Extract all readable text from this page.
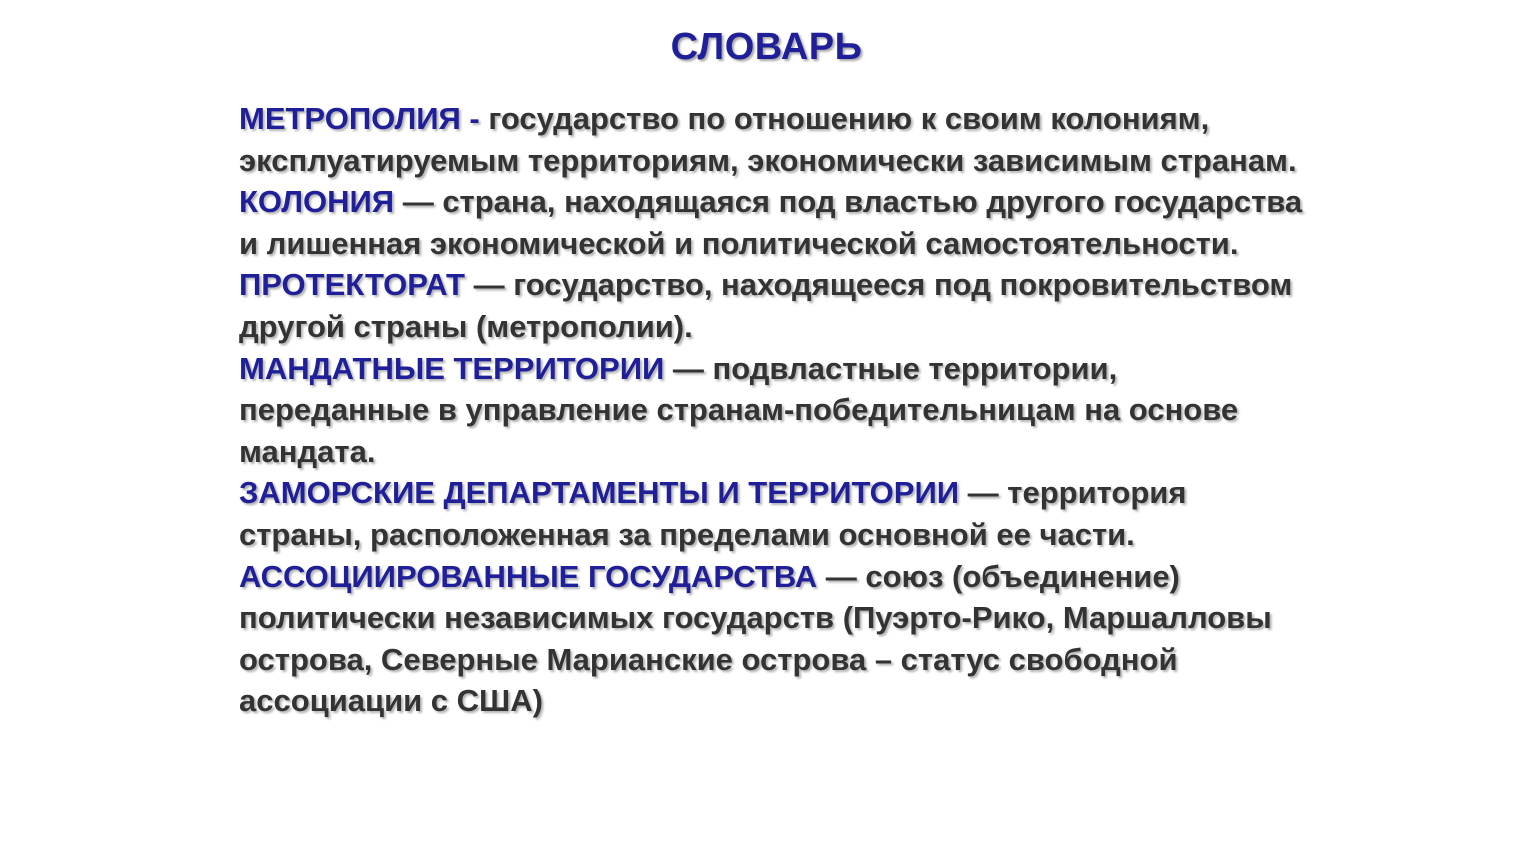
СЛОВАРЬ
МЕТРОПОЛИЯ - государство по отношению к своим колониям, эксплуатируемым территориям, экономически зависимым странам.
КОЛОНИЯ — страна, находящаяся под властью другого государства и лишенная экономической и политической самостоятельности.
ПРОТЕКТОРАТ — государство, находящееся под покровительством другой страны (метрополии).
МАНДАТНЫЕ ТЕРРИТОРИИ — подвластные территории, переданные в управление странам-победительницам на основе мандата.
ЗАМОРСКИЕ ДЕПАРТАМЕНТЫ И ТЕРРИТОРИИ — территория страны, расположенная за пределами основной ее части.
АССОЦИИРОВАННЫЕ ГОСУДАРСТВА — союз (объединение) политически независимых государств (Пуэрто-Рико, Маршалловы острова, Северные Марианские острова – статус свободной ассоциации с США)
